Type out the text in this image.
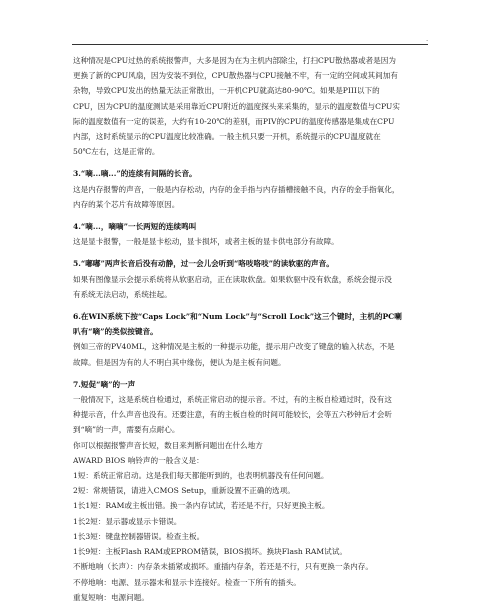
.
这种情况是CPU过热的系统报警声，大多是因为在为主机内部除尘，打扫CPU散热器或者是因为
更换了新的CPU风扇，因为安装不到位，CPU散热器与CPU接触不牢，有一定的空间或其间加有
杂物，导致CPU发出的热量无法正常散出，一开机CPU就高达80-90℃。如果是PIII以下的
CPU，因为CPU的温度测试是采用靠近CPU附近的温度探头来采集的，显示的温度数值与CPU实
际的温度数值有一定的误差，大约有10-20℃的差别，而PIV的CPU的温度传感器是集成在CPU
内部，这时系统显示的CPU温度比较准确。一般主机只要一开机，系统提示的CPU温度就在
50℃左右，这是正常的。
3.“嘀...嘀...”的连续有间隔的长音。
这是内存报警的声音，一般是内存松动，内存的金手指与内存插槽接触不良，内存的金手指氧化，
内存的某个芯片有故障等原因。
4.“嘀...，嘀嘀”一长两短的连续鸣叫
这是显卡报警，一般是显卡松动，显卡损坏，或者主板的显卡供电部分有故障。
5.“嘟嘟”两声长音后没有动静，过一会儿会听到“咯吱咯吱”的读软驱的声音。
如果有图像显示会提示系统将从软驱启动，正在读取软盘。如果软驱中没有软盘，系统会提示没
有系统无法启动，系统挂起。
6.在WIN系统下按“Caps Lock”和“Num Lock”与“Scroll Lock”这三个键时，主机的PC喇
叭有“嘀”的类似按键音。
例如三帝的PV40ML，这种情况是主板的一种提示功能，提示用户改变了键盘的输入状态，不是
故障。但是因为有的人不明白其中缘伤，便认为是主板有问题。
7.短促“嘀”的一声
一般情况下，这是系统自检通过，系统正常启动的提示音。不过，有的主板自检通过时，没有这
种提示音，什么声音也没有。还要注意，有的主板自检的时间可能较长，会等五六秒钟后才会听
到“嘀”的一声，需要有点耐心。
你可以根据报警声音长短，数目来判断问题出在什么地方
AWARD BIOS 响铃声的一般含义是：
1短：系统正常启动。这是我们每天都能听到的，也表明机器没有任何问题。
2短：常规错误，请进入CMOS Setup，重新设置不正确的选项。
1长1短：RAM或主板出错。换一条内存试试，若还是不行，只好更换主板。
1长2短：显示器或显示卡错误。
1长3短：键盘控制器错误。检查主板。
1长9短：主板Flash RAM或EPROM错误，BIOS损坏。换块Flash RAM试试。
不断地响（长声）：内存条未插紧或损坏。重插内存条，若还是不行，只有更换一条内存。
不停地响：电源、显示器未和显示卡连接好。检查一下所有的插头。
重复短响：电源问题。
